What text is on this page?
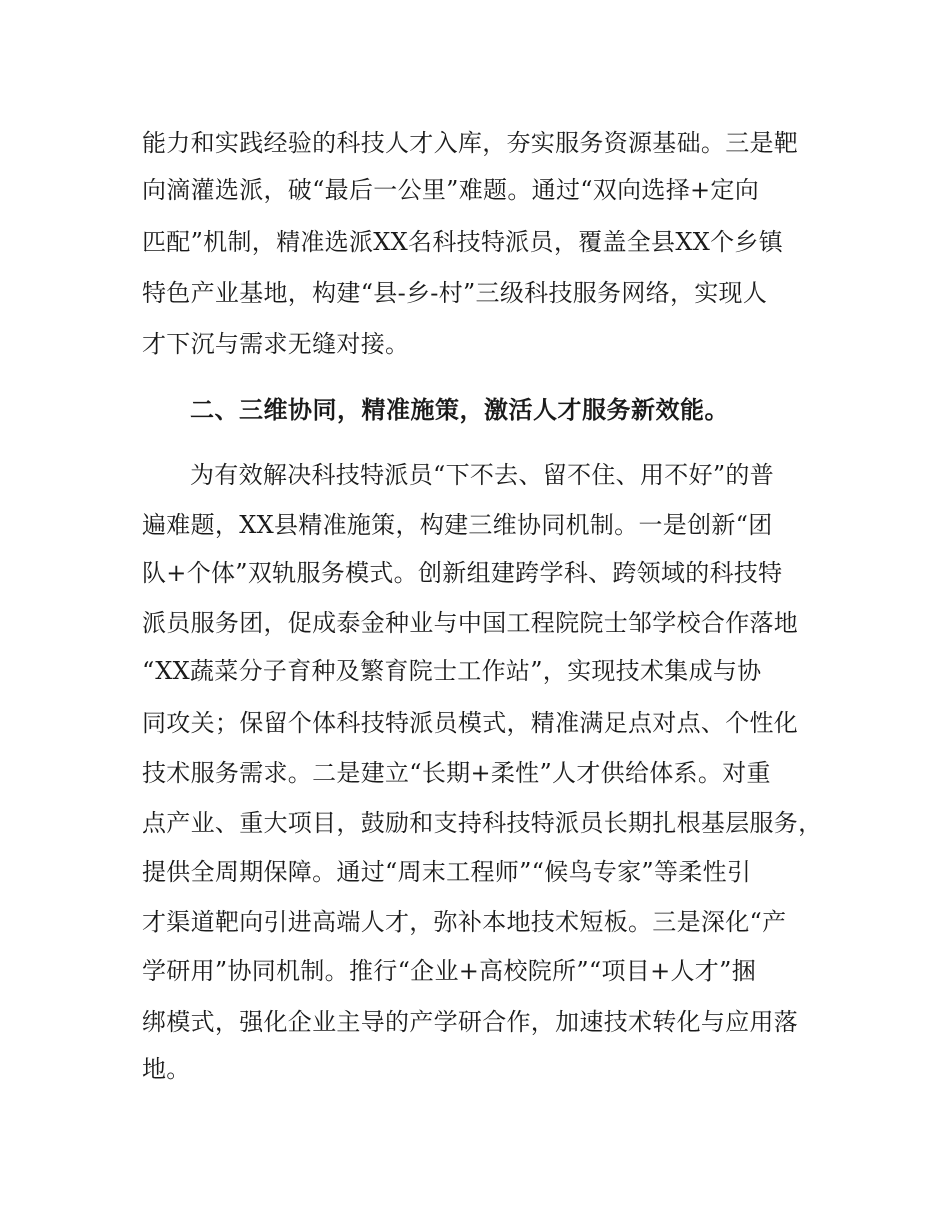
能力和实践经验的科技人才入库，夯实服务资源基础。三是靶
向滴灌选派，破“最后一公里”难题。通过“双向选择+定向
匹配”机制，精准选派XX名科技特派员，覆盖全县XX个乡镇
特色产业基地，构建“县-乡-村”三级科技服务网络，实现人
才下沉与需求无缝对接。
二、三维协同，精准施策，激活人才服务新效能。
为有效解决科技特派员“下不去、留不住、用不好”的普
遍难题，XX县精准施策，构建三维协同机制。一是创新“团
队+个体”双轨服务模式。创新组建跨学科、跨领域的科技特
派员服务团，促成泰金种业与中国工程院院士邹学校合作落地
“XX蔬菜分子育种及繁育院士工作站”，实现技术集成与协
同攻关；保留个体科技特派员模式，精准满足点对点、个性化
技术服务需求。二是建立“长期+柔性”人才供给体系。对重
点产业、重大项目，鼓励和支持科技特派员长期扎根基层服务，
提供全周期保障。通过“周末工程师”“候鸟专家”等柔性引
才渠道靶向引进高端人才，弥补本地技术短板。三是深化“产
学研用”协同机制。推行“企业+高校院所”“项目+人才”捆
绑模式，强化企业主导的产学研合作，加速技术转化与应用落
地。
